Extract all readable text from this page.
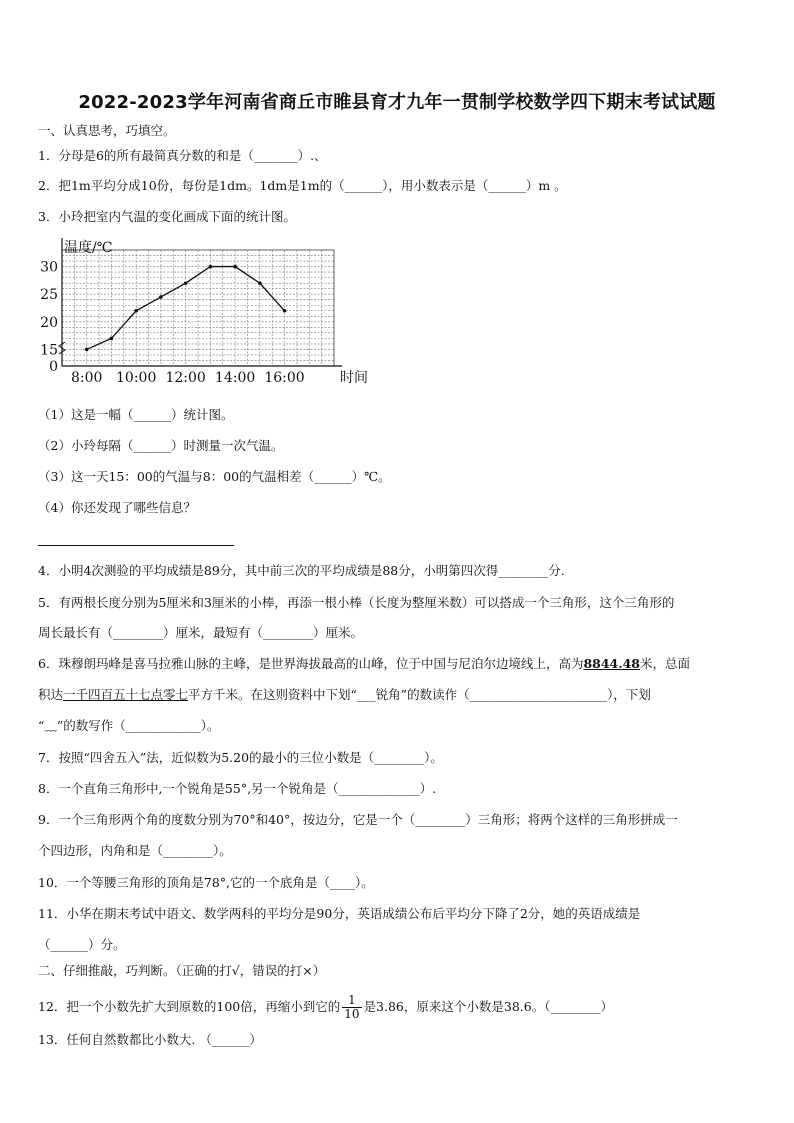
2022-2023学年河南省商丘市睢县育才九年一贯制学校数学四下期末考试试题
一、认真思考，巧填空。
1．分母是6的所有最简真分数的和是（_______）.、
2．把1m平均分成10份，每份是1dm。1dm是1m的（______），用小数表示是（______）m 。
3．小玲把室内气温的变化画成下面的统计图。
0
15
20
25
30
8:00 10:00 12:00 14:00 16:00
温度/℃
时间
（1）这是一幅（______）统计图。
（2）小玲每隔（______）时测量一次气温。
（3）这一天15：00的气温与8：00的气温相差（______）℃。
（4）你还发现了哪些信息？
4．小明4次测验的平均成绩是89分，其中前三次的平均成绩是88分，小明第四次得________分.
5．有两根长度分别为5厘米和3厘米的小棒，再添一根小棒（长度为整厘米数）可以搭成一个三角形，这个三角形的
周长最长有（________）厘米，最短有（________）厘米。
6．珠穆朗玛峰是喜马拉雅山脉的主峰，是世界海拔最高的山峰，位于中国与尼泊尔边境线上，高为8844.48米，总面
积达一千四百五十七点零七平方千米。在这则资料中下划“___锐角”的数读作（______________________），下划
“﹏”的数写作（____________）。
7．按照“四舍五入”法，近似数为5.20的最小的三位小数是（________）。
8．一个直角三角形中,一个锐角是55°,另一个锐角是（_____________）.
9．一个三角形两个角的度数分别为70°和40°，按边分，它是一个（________）三角形；将两个这样的三角形拼成一
个四边形，内角和是（________）。
10．一个等腰三角形的顶角是78°,它的一个底角是（____）。
11．小华在期末考试中语文、数学两科的平均分是90分，英语成绩公布后平均分下降了2分，她的英语成绩是
（______）分。
二、仔细推敲，巧判断。（正确的打√，错误的打×）
12．把一个小数先扩大到原数的100倍，再缩小到它的 $\frac{1}{10}$ 是3.86，原来这个小数是38.6。（________）
13．任何自然数都比小数大. （______）
